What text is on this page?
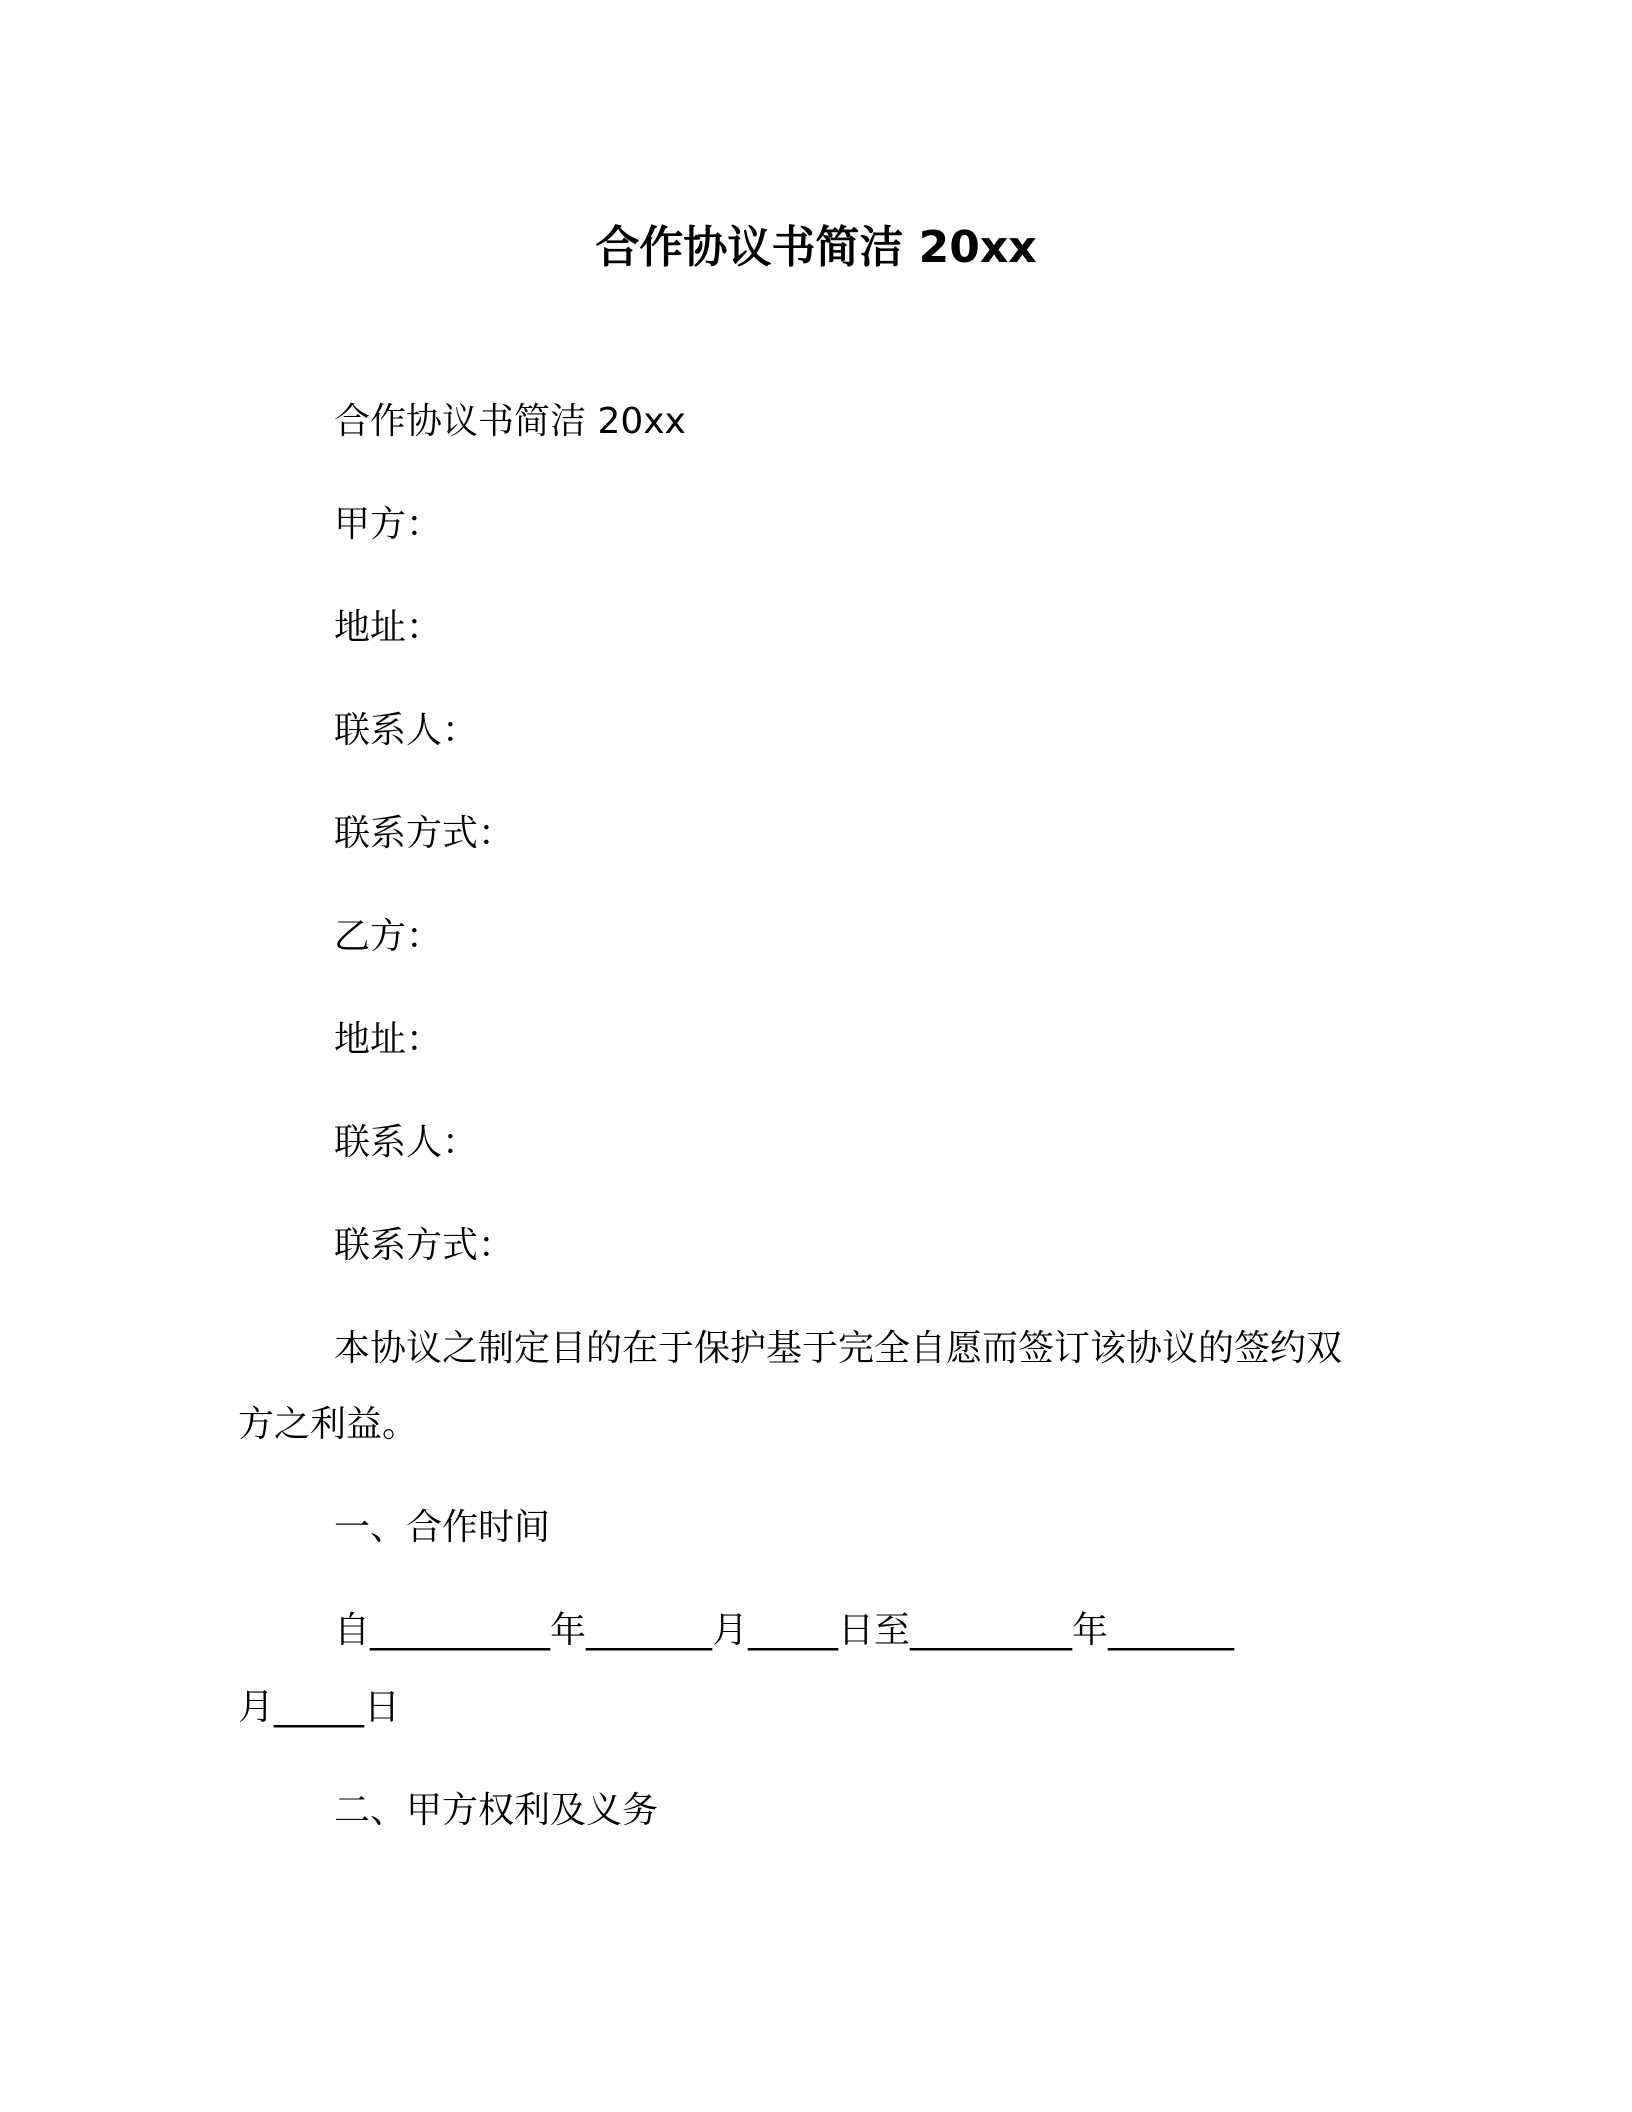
合作协议书简洁 20xx
合作协议书简洁 20xx
甲方：
地址：
联系人：
联系方式：
乙方：
地址：
联系人：
联系方式：
本协议之制定目的在于保护基于完全自愿而签订该协议的签约双
方之利益。
一、合作时间
自__________年_______月_____日至_________年_______
月_____日
二、甲方权利及义务
